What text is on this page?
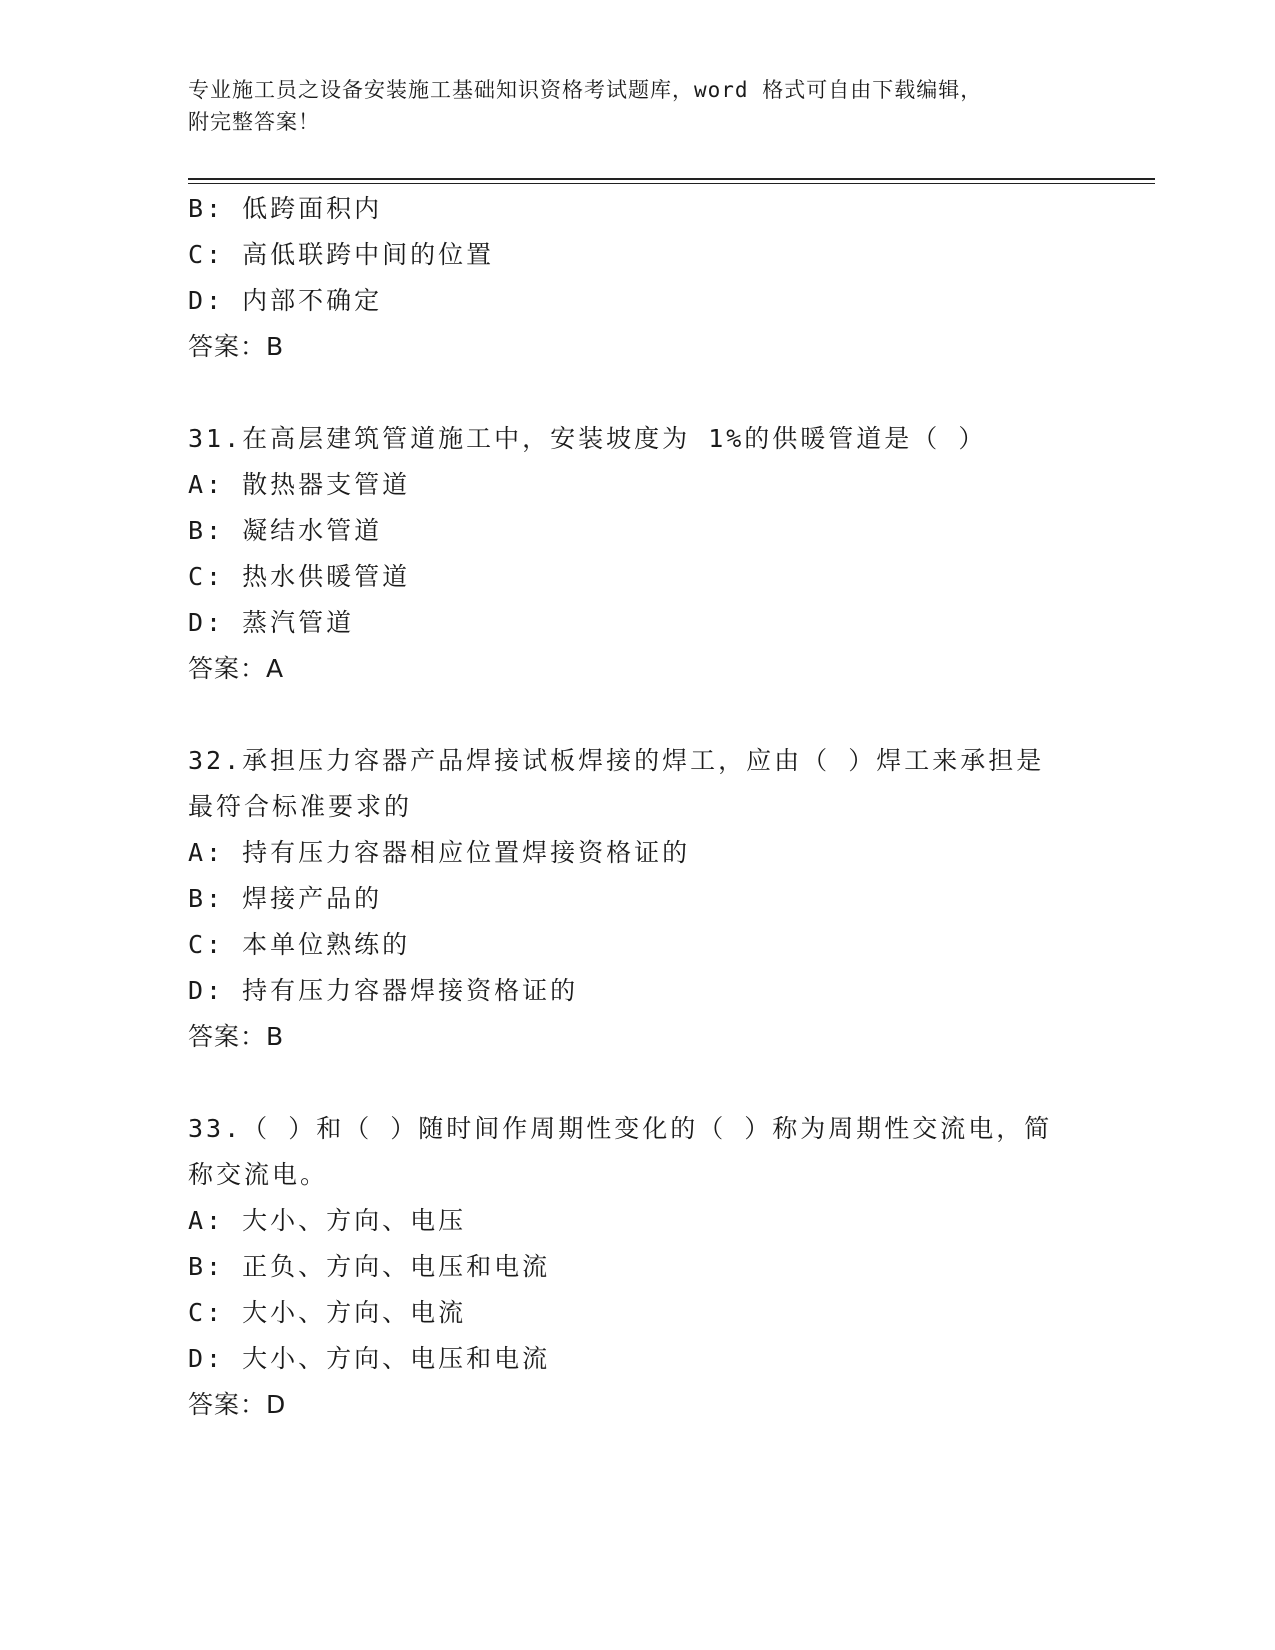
专业施工员之设备安装施工基础知识资格考试题库，word 格式可自由下载编辑，
附完整答案！
B: 低跨面积内
C: 高低联跨中间的位置
D: 内部不确定
答案：B
31.在高层建筑管道施工中，安装坡度为 1%的供暖管道是（ ）
A: 散热器支管道
B: 凝结水管道
C: 热水供暖管道
D: 蒸汽管道
答案：A
32.承担压力容器产品焊接试板焊接的焊工，应由（ ）焊工来承担是
最符合标准要求的
A: 持有压力容器相应位置焊接资格证的
B: 焊接产品的
C: 本单位熟练的
D: 持有压力容器焊接资格证的
答案：B
33.（ ）和（ ）随时间作周期性变化的（ ）称为周期性交流电，简
称交流电。
A: 大小、方向、电压
B: 正负、方向、电压和电流
C: 大小、方向、电流
D: 大小、方向、电压和电流
答案：D
